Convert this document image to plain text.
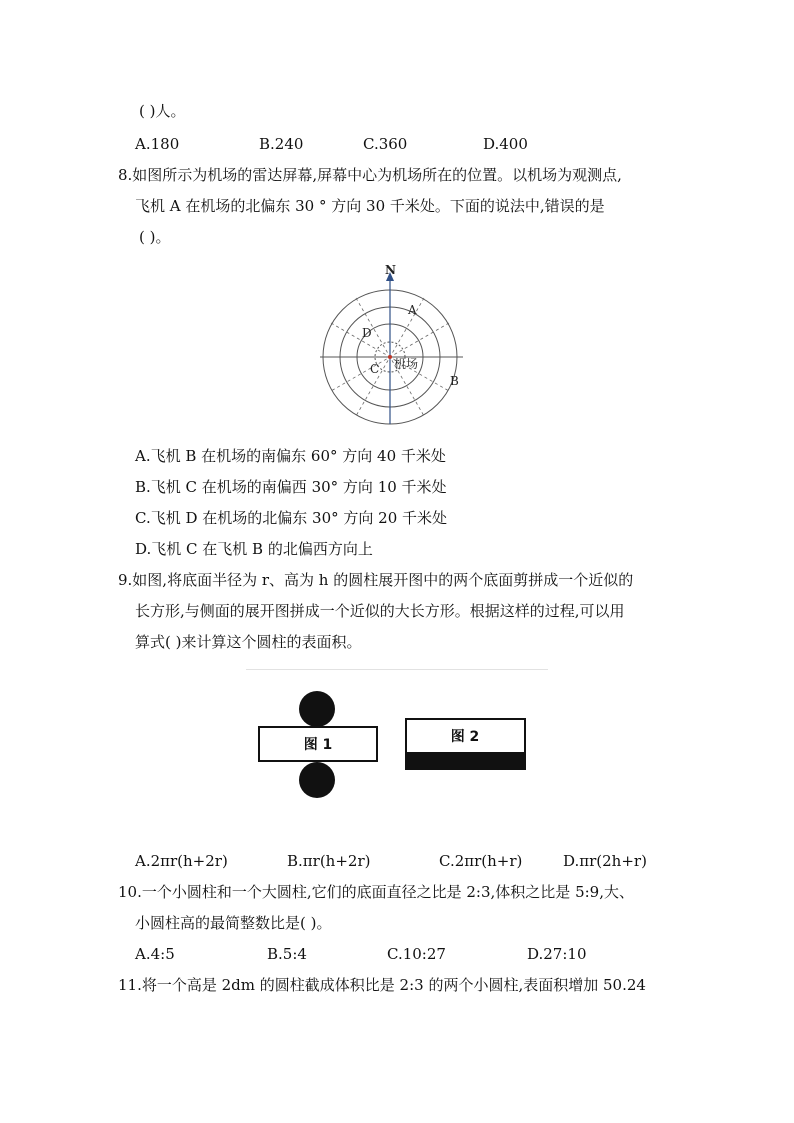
( )人。
A.180	B.240	C.360	D.400
8.如图所示为机场的雷达屏幕,屏幕中心为机场所在的位置。以机场为观测点,
飞机 A 在机场的北偏东 30 ° 方向 30 千米处。下面的说法中,错误的是
( )。
N
A
B
C
D
机场
A.飞机 B 在机场的南偏东 60° 方向 40 千米处
B.飞机 C 在机场的南偏西 30° 方向 10 千米处
C.飞机 D 在机场的北偏东 30° 方向 20 千米处
D.飞机 C 在飞机 B 的北偏西方向上
9.如图,将底面半径为 r、高为 h 的圆柱展开图中的两个底面剪拼成一个近似的
长方形,与侧面的展开图拼成一个近似的大长方形。根据这样的过程,可以用
算式( )来计算这个圆柱的表面积。
图 1	图 2
A.2πr(h+2r)	B.πr(h+2r)	C.2πr(h+r)	D.πr(2h+r)
10.一个小圆柱和一个大圆柱,它们的底面直径之比是 2:3,体积之比是 5:9,大、
小圆柱高的最简整数比是( )。
A.4:5	B.5:4	C.10:27	D.27:10
11.将一个高是 2dm 的圆柱截成体积比是 2:3 的两个小圆柱,表面积增加 50.24
